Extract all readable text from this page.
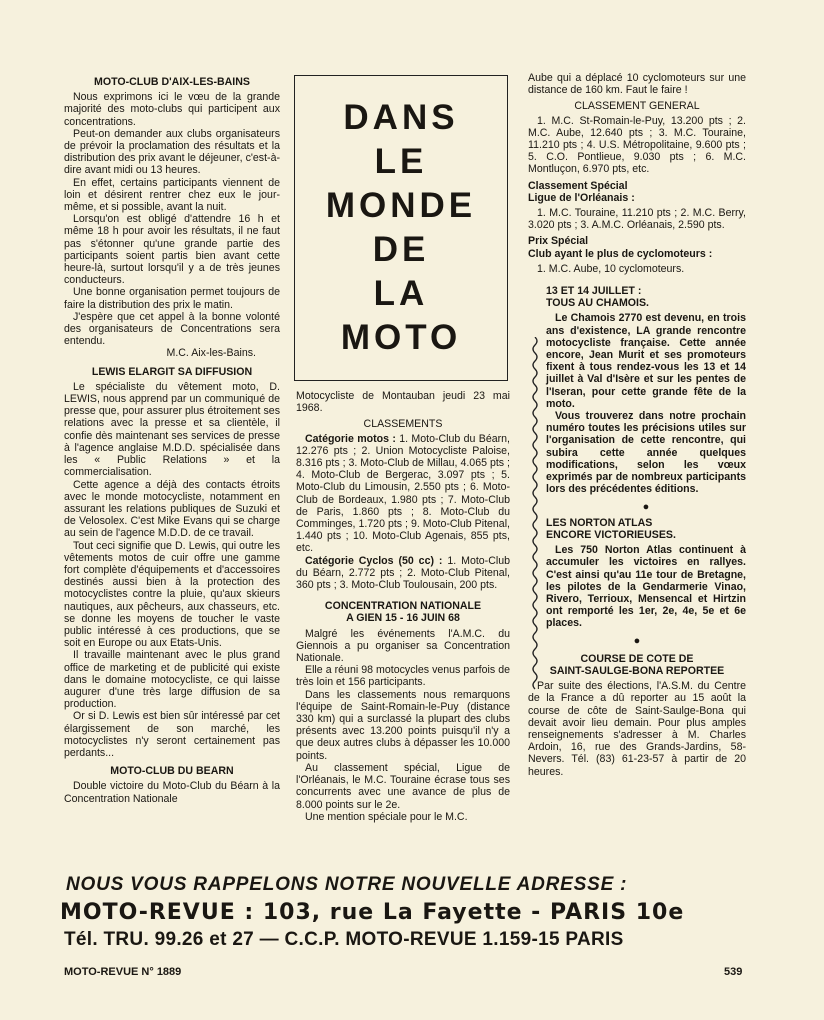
MOTO-CLUB D'AIX-LES-BAINS

Nous exprimons ici le vœu de la grande majorité des moto-clubs qui participent aux concentrations.

Peut-on demander aux clubs organisateurs de prévoir la proclamation des résultats et la distribution des prix avant le déjeuner, c'est-à-dire avant midi ou 13 heures.

En effet, certains participants viennent de loin et désirent rentrer chez eux le jour-même, et si possible, avant la nuit.

Lorsqu'on est obligé d'attendre 16 h et même 18 h pour avoir les résultats, il ne faut pas s'étonner qu'une grande partie des participants soient partis bien avant cette heure-là, surtout lorsqu'il y a de très jeunes conducteurs.

Une bonne organisation permet toujours de faire la distribution des prix le matin.

J'espère que cet appel à la bonne volonté des organisateurs de Concentrations sera entendu.

M.C. Aix-les-Bains.

LEWIS ELARGIT SA DIFFUSION

Le spécialiste du vêtement moto, D. LEWIS, nous apprend par un communiqué de presse que, pour assurer plus étroitement ses relations avec la presse et sa clientèle, il confie dès maintenant ses services de presse à l'agence anglaise M.D.D. spécialisée dans les « Public Relations » et la commercialisation.

Cette agence a déjà des contacts étroits avec le monde motocycliste, notamment en assurant les relations publiques de Suzuki et de Velosolex. C'est Mike Evans qui se charge au sein de l'agence M.D.D. de ce travail.

Tout ceci signifie que D. Lewis, qui outre les vêtements motos de cuir offre une gamme fort complète d'équipements et d'accessoires destinés aussi bien à la protection des motocyclistes contre la pluie, qu'aux skieurs nautiques, aux pêcheurs, aux chasseurs, etc. se donne les moyens de toucher le vaste public intéressé à ces productions, que se soit en Europe ou aux Etats-Unis.

Il travaille maintenant avec le plus grand office de marketing et de publicité qui existe dans le domaine motocycliste, ce qui laisse augurer d'une très large diffusion de sa production.

Or si D. Lewis est bien sûr intéressé par cet élargissement de son marché, les motocyclistes n'y seront certainement pas perdants...

MOTO-CLUB DU BEARN

Double victoire du Moto-Club du Béarn à la Concentration Nationale

DANS
LE
MONDE
DE
LA
MOTO

Motocycliste de Montauban jeudi 23 mai 1968.

CLASSEMENTS

Catégorie motos : 1. Moto-Club du Béarn, 12.276 pts ; 2. Union Motocycliste Paloise, 8.316 pts ; 3. Moto-Club de Millau, 4.065 pts ; 4. Moto-Club de Bergerac, 3.097 pts ; 5. Moto-Club du Limousin, 2.550 pts ; 6. Moto-Club de Bordeaux, 1.980 pts ; 7. Moto-Club de Paris, 1.860 pts ; 8. Moto-Club du Comminges, 1.720 pts ; 9. Moto-Club Pitenal, 1.440 pts ; 10. Moto-Club Agenais, 855 pts, etc.

Catégorie Cyclos (50 cc) : 1. Moto-Club du Béarn, 2.772 pts ; 2. Moto-Club Pitenal, 360 pts ; 3. Moto-Club Toulousain, 200 pts.

CONCENTRATION NATIONALE
A GIEN 15 - 16 JUIN 68

Malgré les événements l'A.M.C. du Giennois a pu organiser sa Concentration Nationale.

Elle a réuni 98 motocycles venus parfois de très loin et 156 participants.

Dans les classements nous remarquons l'équipe de Saint-Romain-le-Puy (distance 330 km) qui a surclassé la plupart des clubs présents avec 13.200 points puisqu'il n'y a que deux autres clubs à dépasser les 10.000 points.

Au classement spécial, Ligue de l'Orléanais, le M.C. Touraine écrase tous ses concurrents avec une avance de plus de 8.000 points sur le 2e.

Une mention spéciale pour le M.C.

Aube qui a déplacé 10 cyclomoteurs sur une distance de 160 km. Faut le faire !

CLASSEMENT GENERAL

1. M.C. St-Romain-le-Puy, 13.200 pts ; 2. M.C. Aube, 12.640 pts ; 3. M.C. Touraine, 11.210 pts ; 4. U.S. Métropolitaine, 9.600 pts ; 5. C.O. Pontlieue, 9.030 pts ; 6. M.C. Montluçon, 6.970 pts, etc.

Classement Spécial
Ligue de l'Orléanais :

1. M.C. Touraine, 11.210 pts ; 2. M.C. Berry, 3.020 pts ; 3. A.M.C. Orléanais, 2.590 pts.

Prix Spécial
Club ayant le plus de cyclomoteurs :

1. M.C. Aube, 10 cyclomoteurs.

13 ET 14 JUILLET :
TOUS AU CHAMOIS.

Le Chamois 2770 est devenu, en trois ans d'existence, LA grande rencontre motocycliste française. Cette année encore, Jean Murit et ses promoteurs fixent à tous rendez-vous les 13 et 14 juillet à Val d'Isère et sur les pentes de l'Iseran, pour cette grande fête de la moto.

Vous trouverez dans notre prochain numéro toutes les précisions utiles sur l'organisation de cette rencontre, qui subira cette année quelques modifications, selon les vœux exprimés par de nombreux participants lors des précédentes éditions.

●
LES NORTON ATLAS
ENCORE VICTORIEUSES.

Les 750 Norton Atlas continuent à accumuler les victoires en rallyes. C'est ainsi qu'au 11e tour de Bretagne, les pilotes de la Gendarmerie Vinao, Rivero, Terrioux, Mensencal et Hirtzin ont remporté les 1er, 2e, 4e, 5e et 6e places.

●
COURSE DE COTE DE
SAINT-SAULGE-BONA REPORTEE

Par suite des élections, l'A.S.M. du Centre de la France a dû reporter au 15 août la course de côte de Saint-Saulge-Bona qui devait avoir lieu demain. Pour plus amples renseignements s'adresser à M. Charles Ardoin, 16, rue des Grands-Jardins, 58-Nevers. Tél. (83) 61-23-57 à partir de 20 heures.

NOUS VOUS RAPPELONS NOTRE NOUVELLE ADRESSE :
MOTO-REVUE : 103, rue La Fayette - PARIS 10e
Tél. TRU. 99.26 et 27 — C.C.P. MOTO-REVUE 1.159-15 PARIS
MOTO-REVUE N° 1889	539
